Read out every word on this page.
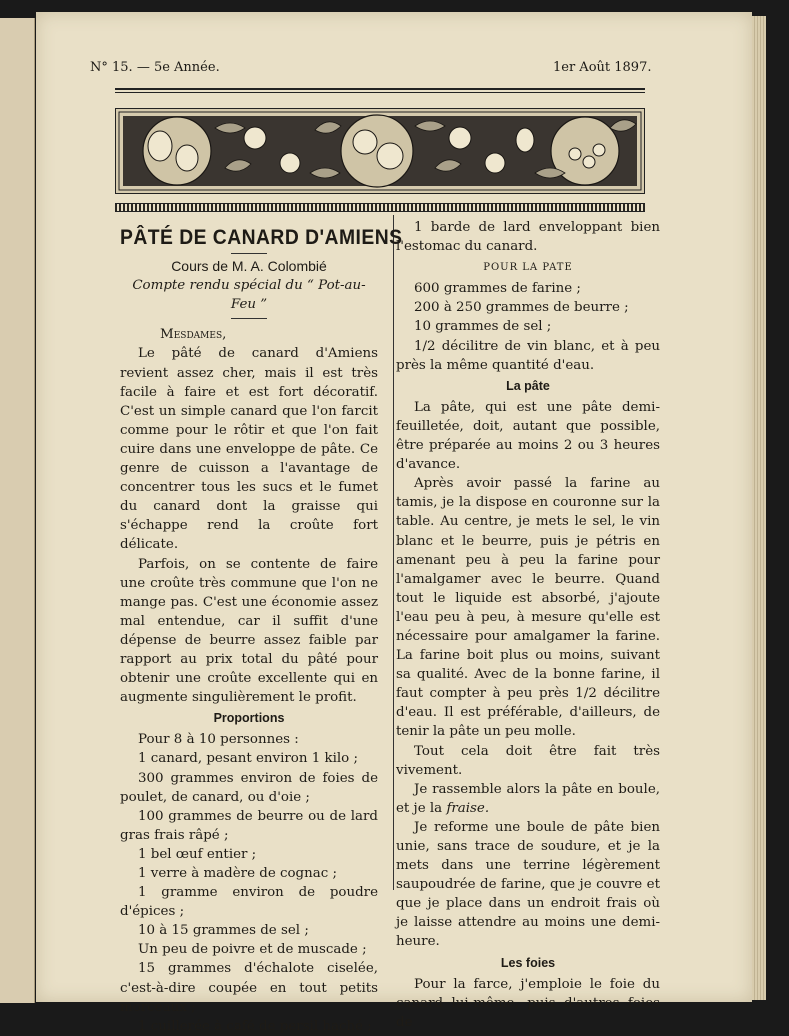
N° 15. — 5e Année.	1er Août 1897.

PÂTÉ DE CANARD D'AMIENS

Cours de M. A. Colombié

Compte rendu spécial du “ Pot-au-Feu ”

Mesdames,

Le pâté de canard d'Amiens revient assez cher, mais il est très facile à faire et est fort décoratif. C'est un simple canard que l'on farcit comme pour le rôtir et que l'on fait cuire dans une enveloppe de pâte. Ce genre de cuisson a l'avantage de concentrer tous les sucs et le fumet du canard dont la graisse qui s'échappe rend la croûte fort délicate.

Parfois, on se contente de faire une croûte très commune que l'on ne mange pas. C'est une économie assez mal entendue, car il suffit d'une dépense de beurre assez faible par rapport au prix total du pâté pour obtenir une croûte excellente qui en augmente singulièrement le profit.

Proportions

Pour 8 à 10 personnes :

1 canard, pesant environ 1 kilo ;

300 grammes environ de foies de poulet, de canard, ou d'oie ;

100 grammes de beurre ou de lard gras frais râpé ;

1 bel œuf entier ;

1 verre à madère de cognac ;

1 gramme environ de poudre d'épices ;

10 à 15 grammes de sel ;

Un peu de poivre et de muscade ;

15 grammes d'échalote ciselée, c'est-à-dire coupée en tout petits morceaux ;

1 cuillerée à café de persil haché ;

1 barde de lard enveloppant bien l'estomac du canard.

POUR LA PATE

600 grammes de farine ;

200 à 250 grammes de beurre ;

10 grammes de sel ;

1/2 décilitre de vin blanc, et à peu près la même quantité d'eau.

La pâte

La pâte, qui est une pâte demi-feuilletée, doit, autant que possible, être préparée au moins 2 ou 3 heures d'avance.

Après avoir passé la farine au tamis, je la dispose en couronne sur la table. Au centre, je mets le sel, le vin blanc et le beurre, puis je pétris en amenant peu à peu la farine pour l'amalgamer avec le beurre. Quand tout le liquide est absorbé, j'ajoute l'eau peu à peu, à mesure qu'elle est nécessaire pour amalgamer la farine. La farine boit plus ou moins, suivant sa qualité. Avec de la bonne farine, il faut compter à peu près 1/2 décilitre d'eau. Il est préférable, d'ailleurs, de tenir la pâte un peu molle.

Tout cela doit être fait très vivement.

Je rassemble alors la pâte en boule, et je la fraise.

Je reforme une boule de pâte bien unie, sans trace de soudure, et je la mets dans une terrine légèrement saupoudrée de farine, que je couvre et que je place dans un endroit frais où je laisse attendre au moins une demi-heure.

Les foies

Pour la farce, j'emploie le foie du canard lui-même, puis d'autres foies de
